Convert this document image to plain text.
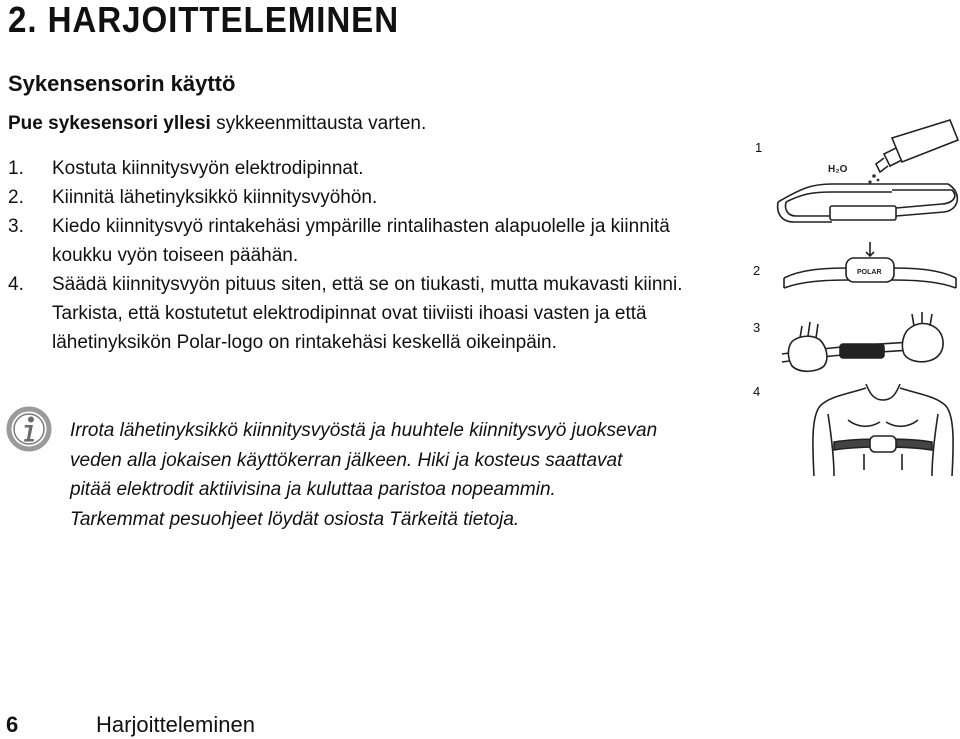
2. HARJOITTELEMINEN
Sykensensorin käyttö

Pue sykesensori yllesi sykkeenmittausta varten.

1. Kostuta kiinnitysvyön elektrodipinnat.
2. Kiinnitä lähetinyksikkö kiinnitysvyöhön.
3. Kiedo kiinnitysvyö rintakehäsi ympärille rintalihasten alapuolelle ja kiinnitä koukku vyön toiseen päähän.
4. Säädä kiinnitysvyön pituus siten, että se on tiukasti, mutta mukavasti kiinni. Tarkista, että kostutetut elektrodipinnat ovat tiiviisti ihoasi vasten ja että lähetinyksikön Polar-logo on rintakehäsi keskellä oikeinpäin.
Irrota lähetinyksikkö kiinnitysvyöstä ja huuhtele kiinnitysvyö juoksevan
veden alla jokaisen käyttökerran jälkeen. Hiki ja kosteus saattavat
pitää elektrodit aktiivisina ja kuluttaa paristoa nopeammin.
Tarkemmat pesuohjeet löydät osiosta Tärkeitä tietoja.
1
2
3
4
H₂O
POLAR
6	Harjoitteleminen
